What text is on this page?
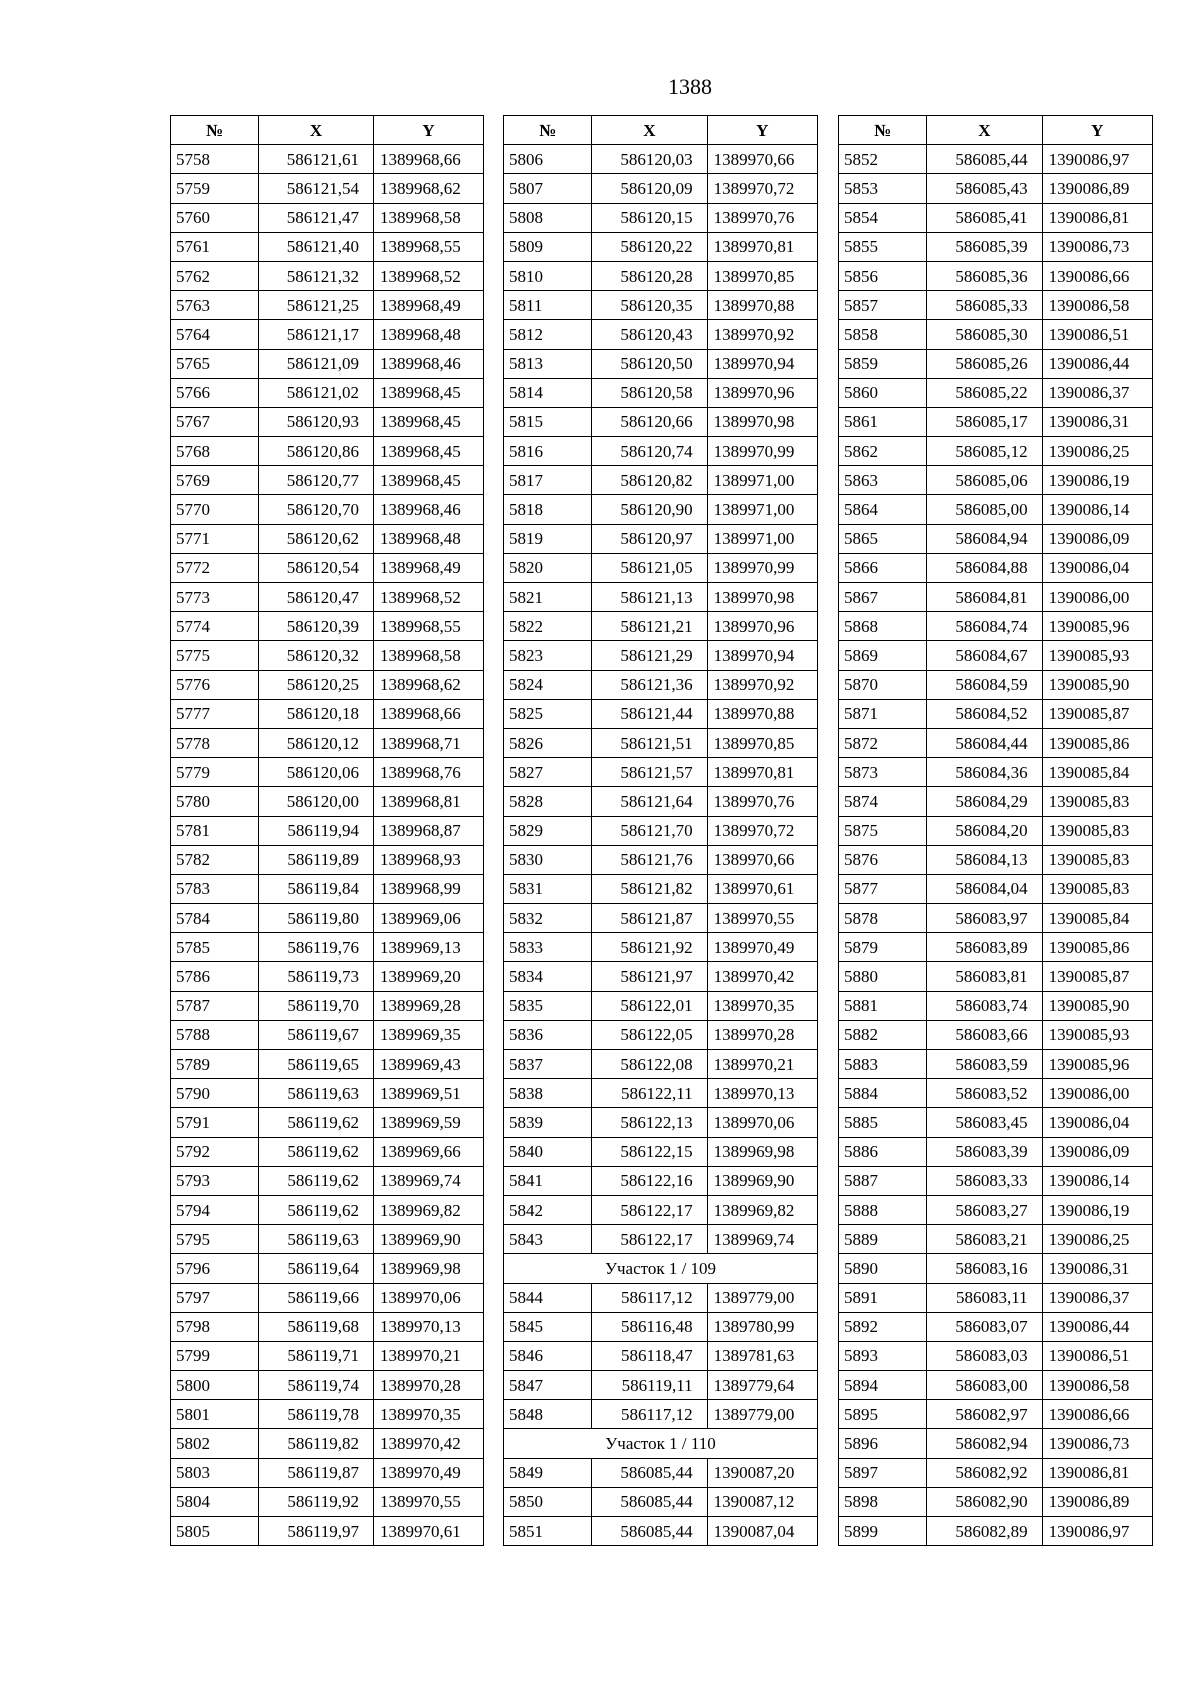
1388
№	X	Y
5758	586121,61	1389968,66
5759	586121,54	1389968,62
5760	586121,47	1389968,58
5761	586121,40	1389968,55
5762	586121,32	1389968,52
5763	586121,25	1389968,49
5764	586121,17	1389968,48
5765	586121,09	1389968,46
5766	586121,02	1389968,45
5767	586120,93	1389968,45
5768	586120,86	1389968,45
5769	586120,77	1389968,45
5770	586120,70	1389968,46
5771	586120,62	1389968,48
5772	586120,54	1389968,49
5773	586120,47	1389968,52
5774	586120,39	1389968,55
5775	586120,32	1389968,58
5776	586120,25	1389968,62
5777	586120,18	1389968,66
5778	586120,12	1389968,71
5779	586120,06	1389968,76
5780	586120,00	1389968,81
5781	586119,94	1389968,87
5782	586119,89	1389968,93
5783	586119,84	1389968,99
5784	586119,80	1389969,06
5785	586119,76	1389969,13
5786	586119,73	1389969,20
5787	586119,70	1389969,28
5788	586119,67	1389969,35
5789	586119,65	1389969,43
5790	586119,63	1389969,51
5791	586119,62	1389969,59
5792	586119,62	1389969,66
5793	586119,62	1389969,74
5794	586119,62	1389969,82
5795	586119,63	1389969,90
5796	586119,64	1389969,98
5797	586119,66	1389970,06
5798	586119,68	1389970,13
5799	586119,71	1389970,21
5800	586119,74	1389970,28
5801	586119,78	1389970,35
5802	586119,82	1389970,42
5803	586119,87	1389970,49
5804	586119,92	1389970,55
5805	586119,97	1389970,61
№	X	Y
5806	586120,03	1389970,66
5807	586120,09	1389970,72
5808	586120,15	1389970,76
5809	586120,22	1389970,81
5810	586120,28	1389970,85
5811	586120,35	1389970,88
5812	586120,43	1389970,92
5813	586120,50	1389970,94
5814	586120,58	1389970,96
5815	586120,66	1389970,98
5816	586120,74	1389970,99
5817	586120,82	1389971,00
5818	586120,90	1389971,00
5819	586120,97	1389971,00
5820	586121,05	1389970,99
5821	586121,13	1389970,98
5822	586121,21	1389970,96
5823	586121,29	1389970,94
5824	586121,36	1389970,92
5825	586121,44	1389970,88
5826	586121,51	1389970,85
5827	586121,57	1389970,81
5828	586121,64	1389970,76
5829	586121,70	1389970,72
5830	586121,76	1389970,66
5831	586121,82	1389970,61
5832	586121,87	1389970,55
5833	586121,92	1389970,49
5834	586121,97	1389970,42
5835	586122,01	1389970,35
5836	586122,05	1389970,28
5837	586122,08	1389970,21
5838	586122,11	1389970,13
5839	586122,13	1389970,06
5840	586122,15	1389969,98
5841	586122,16	1389969,90
5842	586122,17	1389969,82
5843	586122,17	1389969,74
Участок 1 / 109		
5844	586117,12	1389779,00
5845	586116,48	1389780,99
5846	586118,47	1389781,63
5847	586119,11	1389779,64
5848	586117,12	1389779,00
Участок 1 / 110		
5849	586085,44	1390087,20
5850	586085,44	1390087,12
5851	586085,44	1390087,04
№	X	Y
5852	586085,44	1390086,97
5853	586085,43	1390086,89
5854	586085,41	1390086,81
5855	586085,39	1390086,73
5856	586085,36	1390086,66
5857	586085,33	1390086,58
5858	586085,30	1390086,51
5859	586085,26	1390086,44
5860	586085,22	1390086,37
5861	586085,17	1390086,31
5862	586085,12	1390086,25
5863	586085,06	1390086,19
5864	586085,00	1390086,14
5865	586084,94	1390086,09
5866	586084,88	1390086,04
5867	586084,81	1390086,00
5868	586084,74	1390085,96
5869	586084,67	1390085,93
5870	586084,59	1390085,90
5871	586084,52	1390085,87
5872	586084,44	1390085,86
5873	586084,36	1390085,84
5874	586084,29	1390085,83
5875	586084,20	1390085,83
5876	586084,13	1390085,83
5877	586084,04	1390085,83
5878	586083,97	1390085,84
5879	586083,89	1390085,86
5880	586083,81	1390085,87
5881	586083,74	1390085,90
5882	586083,66	1390085,93
5883	586083,59	1390085,96
5884	586083,52	1390086,00
5885	586083,45	1390086,04
5886	586083,39	1390086,09
5887	586083,33	1390086,14
5888	586083,27	1390086,19
5889	586083,21	1390086,25
5890	586083,16	1390086,31
5891	586083,11	1390086,37
5892	586083,07	1390086,44
5893	586083,03	1390086,51
5894	586083,00	1390086,58
5895	586082,97	1390086,66
5896	586082,94	1390086,73
5897	586082,92	1390086,81
5898	586082,90	1390086,89
5899	586082,89	1390086,97
